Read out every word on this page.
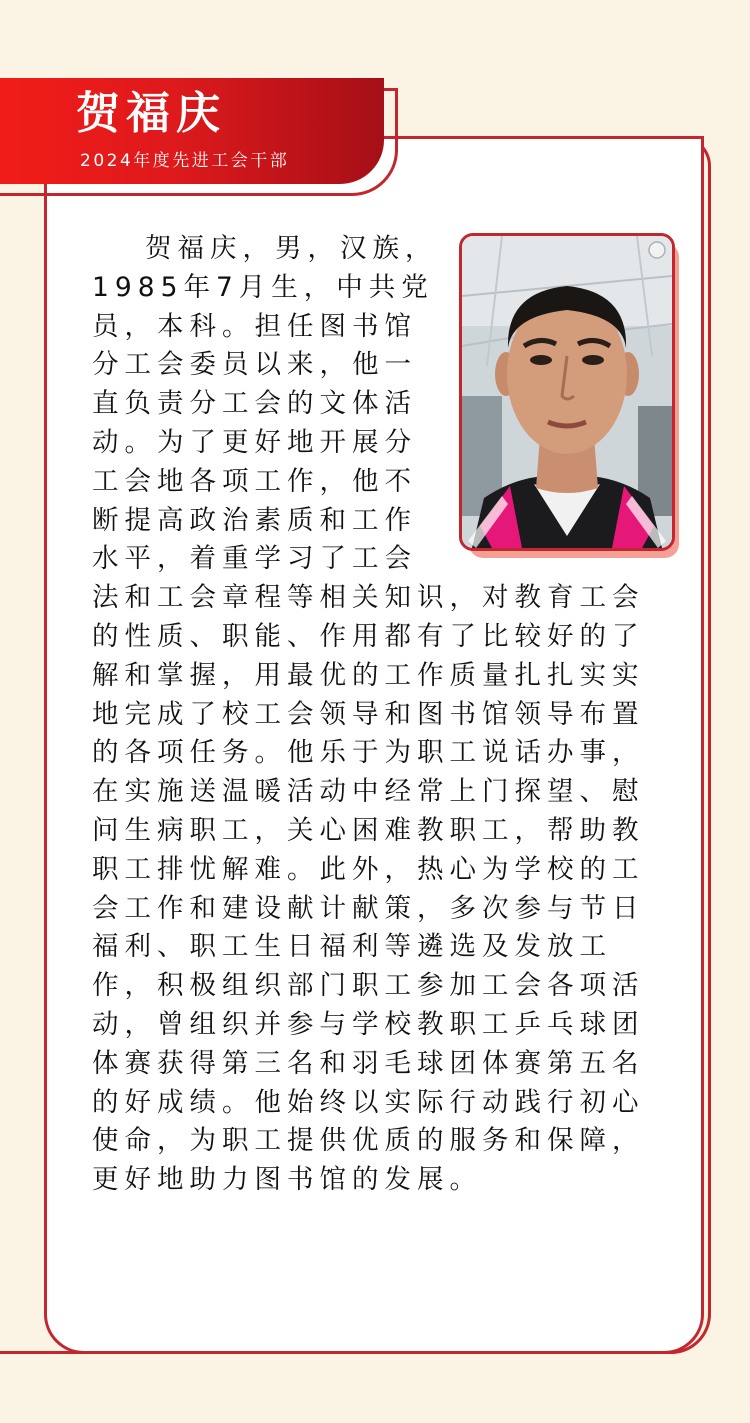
贺福庆
2024年度先进工会干部

贺福庆，男，汉族，1985年7月生，中共党员，本科。担任图书馆分工会委员以来，他一直负责分工会的文体活动。为了更好地开展分工会地各项工作，他不断提高政治素质和工作水平，着重学习了工会法和工会章程等相关知识，对教育工会的性质、职能、作用都有了比较好的了解和掌握，用最优的工作质量扎扎实实地完成了校工会领导和图书馆领导布置的各项任务。他乐于为职工说话办事，在实施送温暖活动中经常上门探望、慰问生病职工，关心困难教职工，帮助教职工排忧解难。此外，热心为学校的工会工作和建设献计献策，多次参与节日福利、职工生日福利等遴选及发放工作，积极组织部门职工参加工会各项活动，曾组织并参与学校教职工乒乓球团体赛获得第三名和羽毛球团体赛第五名的好成绩。他始终以实际行动践行初心使命，为职工提供优质的服务和保障，更好地助力图书馆的发展。
